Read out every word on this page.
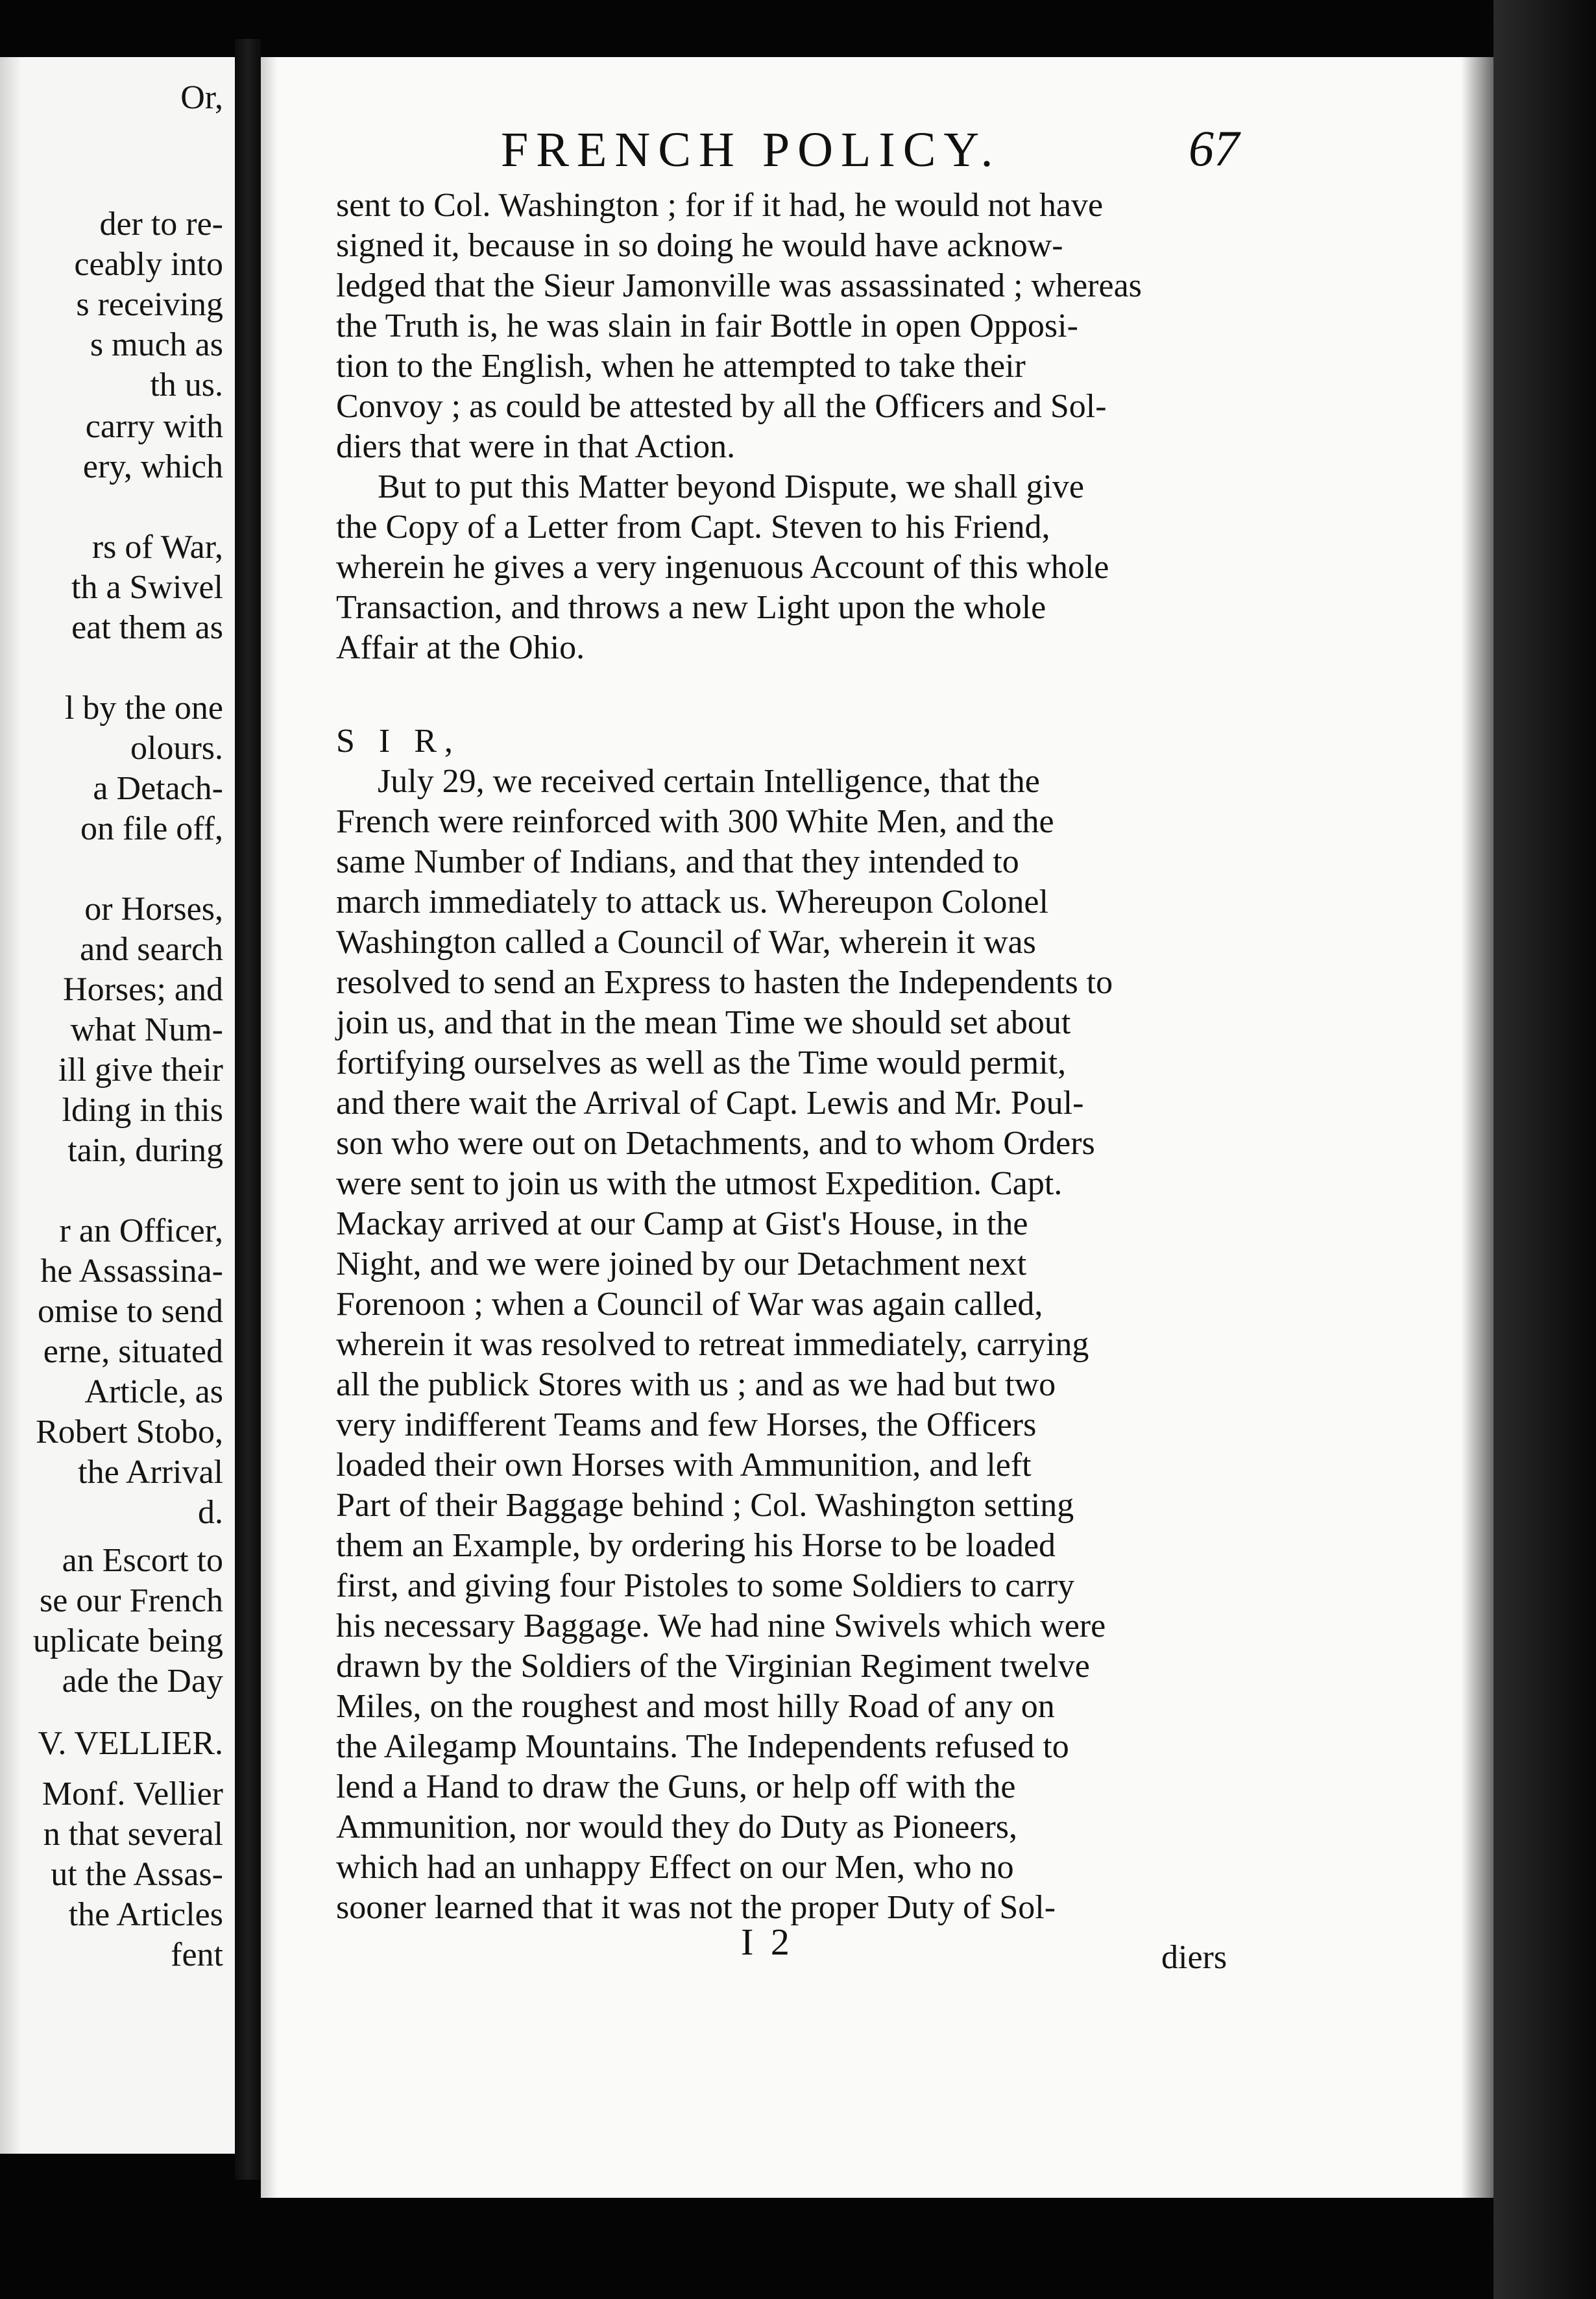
Or,
der to re-
ceably into
s receiving
s much as
th us.
carry with
ery, which
rs of War,
th a Swivel
eat them as
l by the one
olours.
a Detach-
on file off,
or Horses,
and search
Horses; and
what Num-
ill give their
lding in this
tain, during
r an Officer,
he Assassina-
omise to send
erne, situated
Article, as
Robert Stobo,
the Arrival
d.
an Escort to
se our French
uplicate being
ade the Day
V. VELLIER.
Monf. Vellier
n that several
ut the Assas-
the Articles
fent
FRENCH POLICY.	67
sent to Col. Washington ; for if it had, he would not have
signed it, because in so doing he would have acknow-
ledged that the Sieur Jamonville was assassinated ; whereas
the Truth is, he was slain in fair Bottle in open Opposi-
tion to the English, when he attempted to take their
Convoy ; as could be attested by all the Officers and Sol-
diers that were in that Action.
But to put this Matter beyond Dispute, we shall give
the Copy of a Letter from Capt. Steven to his Friend,
wherein he gives a very ingenuous Account of this whole
Transaction, and throws a new Light upon the whole
Affair at the Ohio.
S I R,
July 29, we received certain Intelligence, that the
French were reinforced with 300 White Men, and the
same Number of Indians, and that they intended to
march immediately to attack us. Whereupon Colonel
Washington called a Council of War, wherein it was
resolved to send an Express to hasten the Independents to
join us, and that in the mean Time we should set about
fortifying ourselves as well as the Time would permit,
and there wait the Arrival of Capt. Lewis and Mr. Poul-
son who were out on Detachments, and to whom Orders
were sent to join us with the utmost Expedition. Capt.
Mackay arrived at our Camp at Gist's House, in the
Night, and we were joined by our Detachment next
Forenoon ; when a Council of War was again called,
wherein it was resolved to retreat immediately, carrying
all the publick Stores with us ; and as we had but two
very indifferent Teams and few Horses, the Officers
loaded their own Horses with Ammunition, and left
Part of their Baggage behind ; Col. Washington setting
them an Example, by ordering his Horse to be loaded
first, and giving four Pistoles to some Soldiers to carry
his necessary Baggage. We had nine Swivels which were
drawn by the Soldiers of the Virginian Regiment twelve
Miles, on the roughest and most hilly Road of any on
the Ailegamp Mountains. The Independents refused to
lend a Hand to draw the Guns, or help off with the
Ammunition, nor would they do Duty as Pioneers,
which had an unhappy Effect on our Men, who no
sooner learned that it was not the proper Duty of Sol-
I 2	diers
